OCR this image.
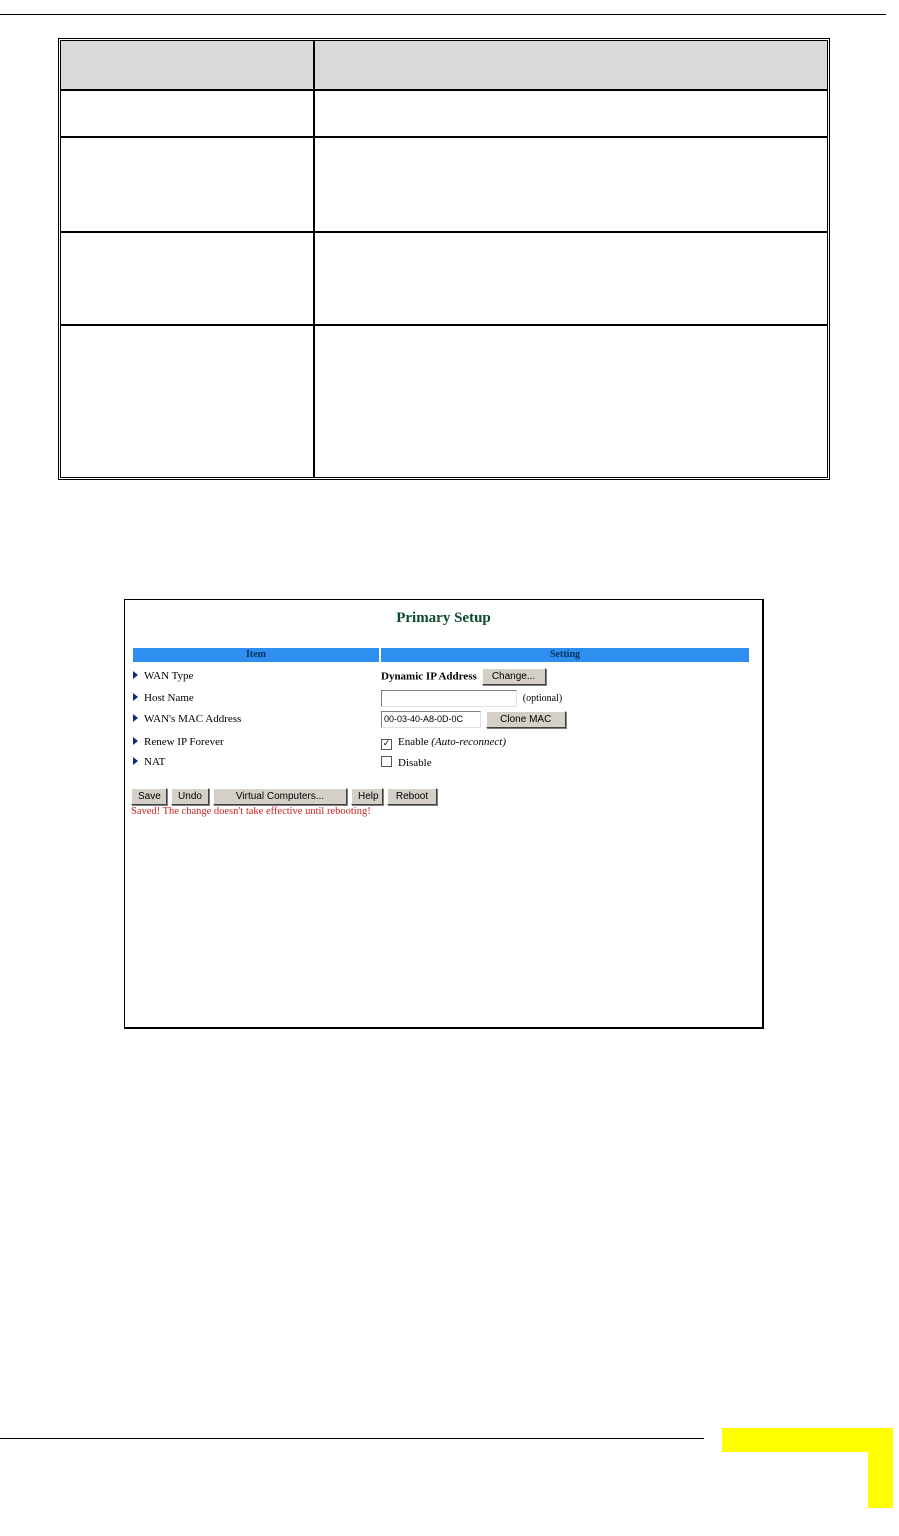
Primary Setup
Item	Setting
WAN Type	Dynamic IP Address Change...
Host Name	(optional)
WAN's MAC Address	00-03-40-A8-0D-0C	Clone MAC
Renew IP Forever	✓ Enable (Auto-reconnect)
NAT	Disable
Save Undo	Virtual Computers...	Help Reboot
Saved! The change doesn't take effective until rebooting!
